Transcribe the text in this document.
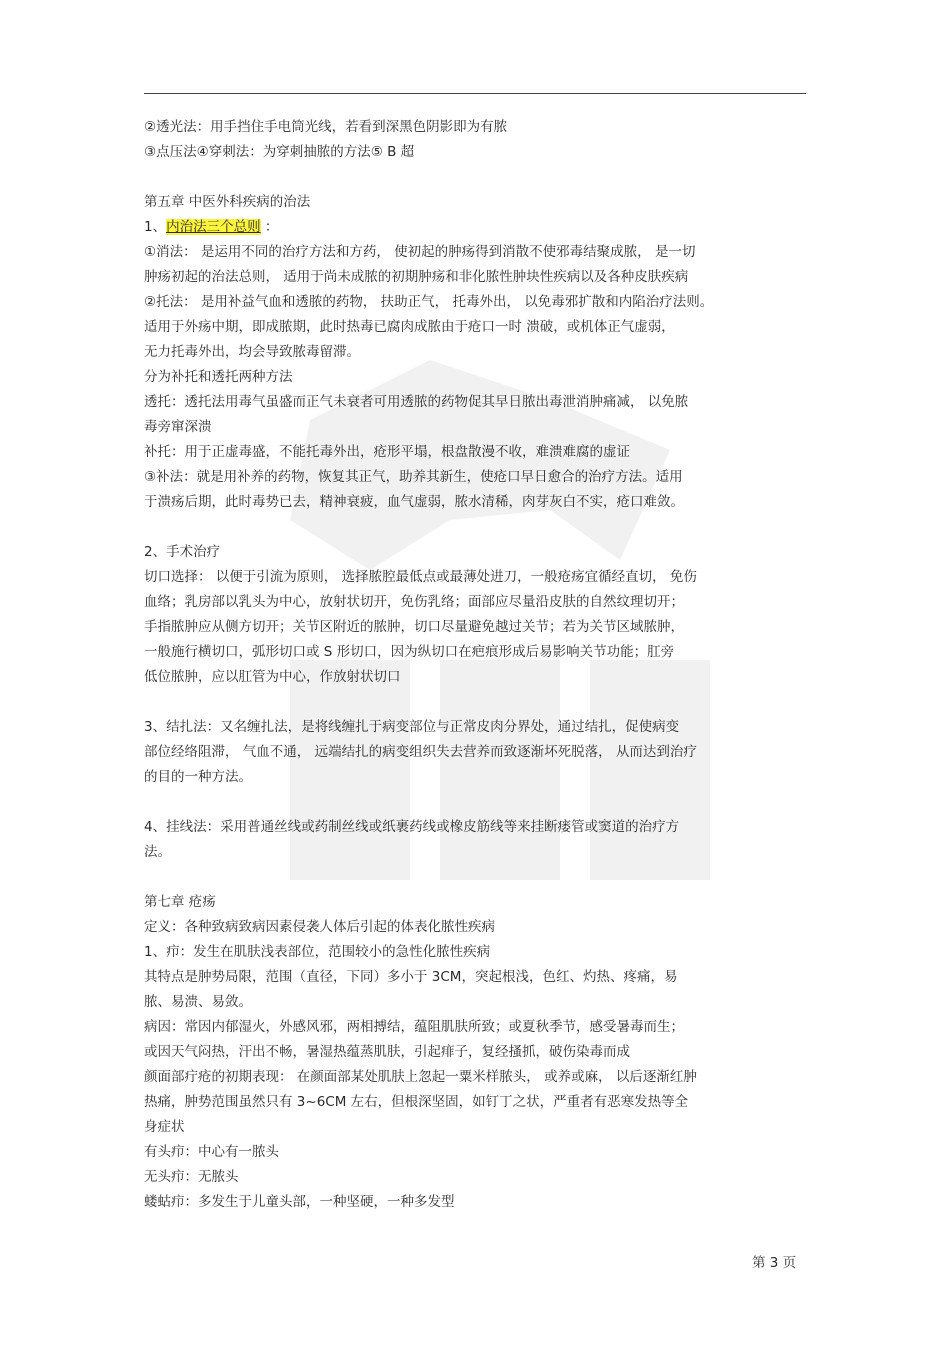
②透光法：用手挡住手电筒光线，若看到深黑色阴影即为有脓
③点压法④穿刺法：为穿刺抽脓的方法⑤ B 超
第五章 中医外科疾病的治法
1、内治法三个总则 ：
①消法： 是运用不同的治疗方法和方药， 使初起的肿疡得到消散不使邪毒结聚成脓， 是一切
肿疡初起的治法总则， 适用于尚未成脓的初期肿疡和非化脓性肿块性疾病以及各种皮肤疾病
②托法： 是用补益气血和透脓的药物， 扶助正气， 托毒外出， 以免毒邪扩散和内陷治疗法则。
适用于外疡中期，即成脓期，此时热毒已腐肉成脓由于疮口一时 溃破，或机体正气虚弱，
无力托毒外出，均会导致脓毒留滞。
分为补托和透托两种方法
透托：透托法用毒气虽盛而正气未衰者可用透脓的药物促其早日脓出毒泄消肿痛减， 以免脓
毒旁窜深溃
补托：用于正虚毒盛，不能托毒外出，疮形平塌，根盘散漫不收，难溃难腐的虚证
③补法：就是用补养的药物，恢复其正气，助养其新生，使疮口早日愈合的治疗方法。适用
于溃疡后期，此时毒势已去，精神衰疲，血气虚弱，脓水清稀，肉芽灰白不实，疮口难敛。
2、手术治疗
切口选择： 以便于引流为原则， 选择脓腔最低点或最薄处进刀，一般疮疡宜循经直切， 免伤
血络；乳房部以乳头为中心，放射状切开，免伤乳络；面部应尽量沿皮肤的自然纹理切开；
手指脓肿应从侧方切开；关节区附近的脓肿，切口尽量避免越过关节；若为关节区域脓肿，
一般施行横切口，弧形切口或 S 形切口，因为纵切口在疤痕形成后易影响关节功能；肛旁
低位脓肿，应以肛管为中心，作放射状切口
3、结扎法：又名缠扎法，是将线缠扎于病变部位与正常皮肉分界处，通过结扎，促使病变
部位经络阻滞， 气血不通， 远端结扎的病变组织失去营养而致逐渐坏死脱落， 从而达到治疗
的目的一种方法。
4、挂线法：采用普通丝线或药制丝线或纸裹药线或橡皮筋线等来挂断瘘管或窦道的治疗方
法。
第七章 疮疡
定义：各种致病致病因素侵袭人体后引起的体表化脓性疾病
1、疖：发生在肌肤浅表部位，范围较小的急性化脓性疾病
其特点是肿势局限，范围（直径，下同）多小于 3CM，突起根浅，色红、灼热、疼痛，易
脓、易溃、易敛。
病因：常因内郁湿火，外感风邪，两相搏结，蕴阻肌肤所致；或夏秋季节，感受暑毒而生；
或因天气闷热，汗出不畅，暑湿热蕴蒸肌肤，引起痱子，复经搔抓，破伤染毒而成
颜面部疔疮的初期表现： 在颜面部某处肌肤上忽起一粟米样脓头， 或养或麻， 以后逐渐红肿
热痛，肿势范围虽然只有 3~6CM 左右，但根深坚固，如钉丁之状，严重者有恶寒发热等全
身症状
有头疖：中心有一脓头
无头疖：无脓头
蝼蛄疖：多发生于儿童头部，一种坚硬，一种多发型
第 3 页
